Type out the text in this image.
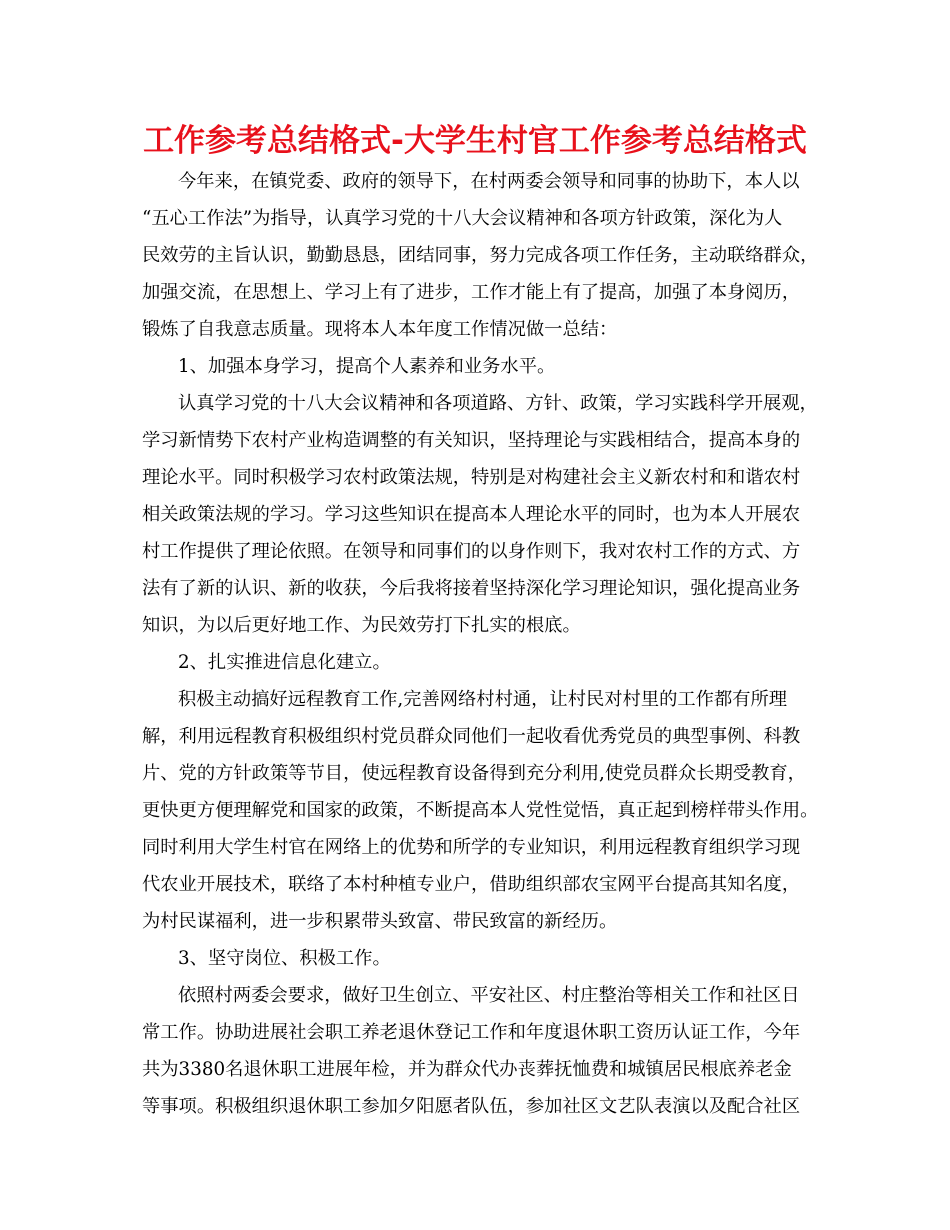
工作参考总结格式-大学生村官工作参考总结格式

今年来，在镇党委、政府的领导下，在村两委会领导和同事的协助下，本人以

“五心工作法”为指导，认真学习党的十八大会议精神和各项方针政策，深化为人

民效劳的主旨认识，勤勤恳恳，团结同事，努力完成各项工作任务，主动联络群众，

加强交流，在思想上、学习上有了进步，工作才能上有了提高，加强了本身阅历，

锻炼了自我意志质量。现将本人本年度工作情况做一总结：

1、加强本身学习，提高个人素养和业务水平。

认真学习党的十八大会议精神和各项道路、方针、政策，学习实践科学开展观，

学习新情势下农村产业构造调整的有关知识，坚持理论与实践相结合，提高本身的

理论水平。同时积极学习农村政策法规，特别是对构建社会主义新农村和和谐农村

相关政策法规的学习。学习这些知识在提高本人理论水平的同时，也为本人开展农

村工作提供了理论依照。在领导和同事们的以身作则下，我对农村工作的方式、方

法有了新的认识、新的收获，今后我将接着坚持深化学习理论知识，强化提高业务

知识，为以后更好地工作、为民效劳打下扎实的根底。

2、扎实推进信息化建立。

积极主动搞好远程教育工作,完善网络村村通，让村民对村里的工作都有所理

解，利用远程教育积极组织村党员群众同他们一起收看优秀党员的典型事例、科教

片、党的方针政策等节目，使远程教育设备得到充分利用,使党员群众长期受教育，

更快更方便理解党和国家的政策，不断提高本人党性觉悟，真正起到榜样带头作用。

同时利用大学生村官在网络上的优势和所学的专业知识，利用远程教育组织学习现

代农业开展技术，联络了本村种植专业户，借助组织部农宝网平台提高其知名度，

为村民谋福利，进一步积累带头致富、带民致富的新经历。

3、坚守岗位、积极工作。

依照村两委会要求，做好卫生创立、平安社区、村庄整治等相关工作和社区日

常工作。协助进展社会职工养老退休登记工作和年度退休职工资历认证工作，今年

共为3380名退休职工进展年检，并为群众代办丧葬抚恤费和城镇居民根底养老金

等事项。积极组织退休职工参加夕阳愿者队伍，参加社区文艺队表演以及配合社区
